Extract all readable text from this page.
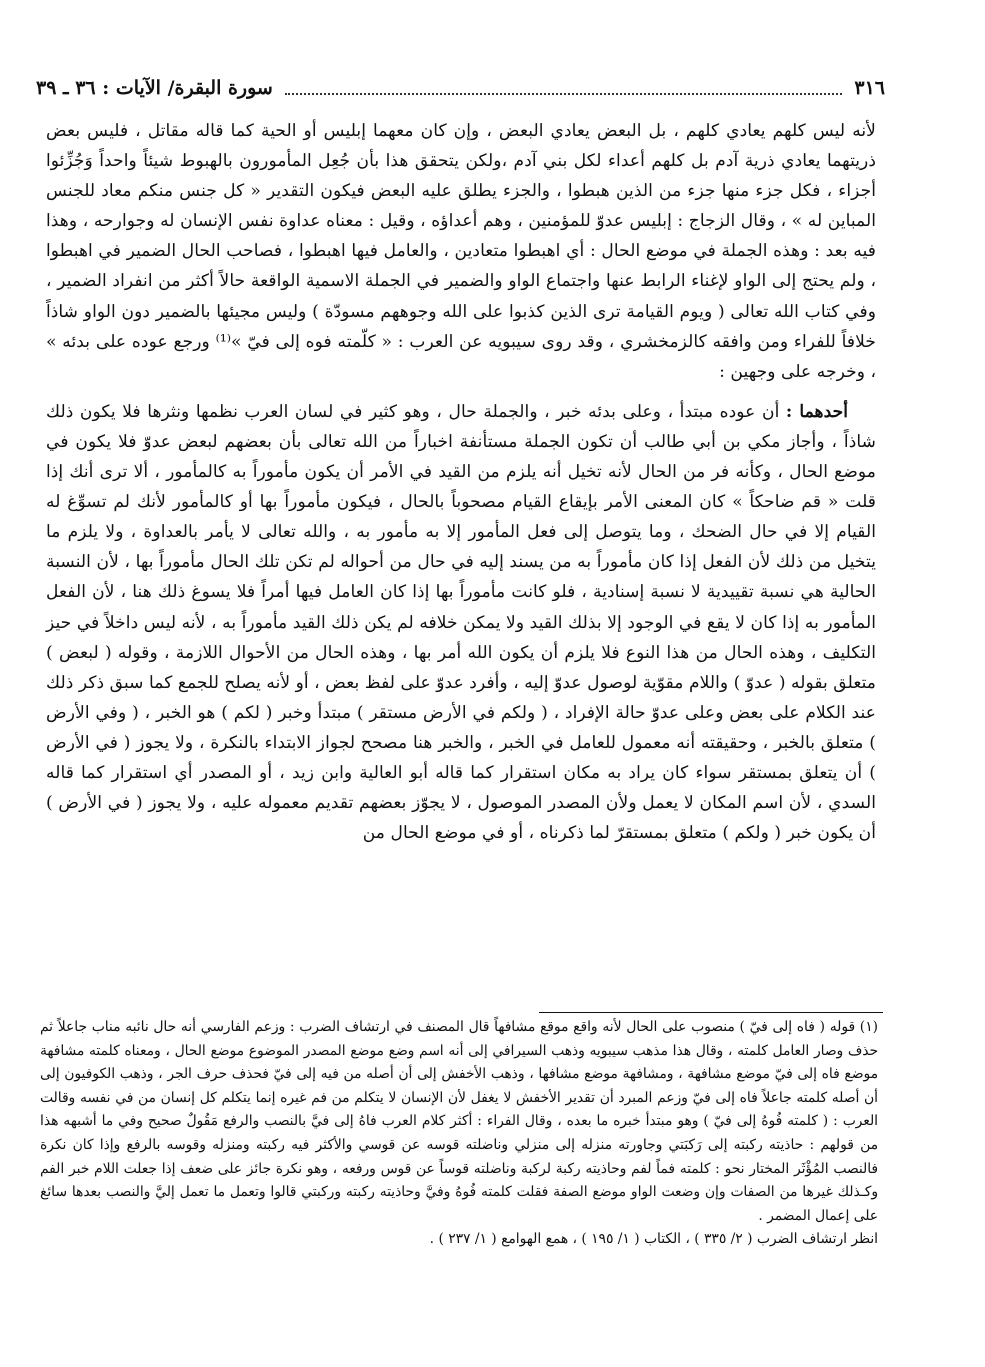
٣١٦
سورة البقرة/ الآيات : ٣٦ ـ ٣٩

لأنه ليس كلهم يعادي كلهم ، بل البعض يعادي البعض ، وإن كان معهما إبليس أو الحية كما قاله مقاتل ، فليس بعض ذريتهما يعادي ذرية آدم بل كلهم أعداء لكل بني آدم ،ولكن يتحقق هذا بأن جُعِل المأمورون بالهبوط شيئاً واحداً وَجُزِّئوا أجزاء ، فكل جزء منها جزء من الذين هبطوا ، والجزء يطلق عليه البعض فيكون التقدير « كل جنس منكم معاد للجنس المباين له » ، وقال الزجاج : إبليس عدوّ للمؤمنين ، وهم أعداؤه ، وقيل : معناه عداوة نفس الإنسان له وجوارحه ، وهذا فيه بعد : وهذه الجملة في موضع الحال : أي اهبطوا متعادين ، والعامل فيها اهبطوا ، فصاحب الحال الضمير في اهبطوا ، ولم يحتج إلى الواو لإغناء الرابط عنها واجتماع الواو والضمير في الجملة الاسمية الواقعة حالاً أكثر من انفراد الضمير ، وفي كتاب الله تعالى ( ويوم القيامة ترى الذين كذبوا على الله وجوههم مسودّة ) وليس مجيئها بالضمير دون الواو شاذاً خلافاً للفراء ومن وافقه كالزمخشري ، وقد روى سيبويه عن العرب : « كلّمته فوه إلى فيّ »⁽¹⁾ ورجع عوده على بدئه » ، وخرجه على وجهين :

أحدهما : أن عوده مبتدأ ، وعلى بدئه خبر ، والجملة حال ، وهو كثير في لسان العرب نظمها ونثرها فلا يكون ذلك شاذاً ، وأجاز مكي بن أبي طالب أن تكون الجملة مستأنفة اخباراً من الله تعالى بأن بعضهم لبعض عدوّ فلا يكون في موضع الحال ، وكأنه فر من الحال لأنه تخيل أنه يلزم من القيد في الأمر أن يكون مأموراً به كالمأمور ، ألا ترى أنك إذا قلت « قم ضاحكاً » كان المعنى الأمر بإيقاع القيام مصحوباً بالحال ، فيكون مأموراً بها أو كالمأمور لأنك لم تسوِّغ له القيام إلا في حال الضحك ، وما يتوصل إلى فعل المأمور إلا به مأمور به ، والله تعالى لا يأمر بالعداوة ، ولا يلزم ما يتخيل من ذلك لأن الفعل إذا كان مأموراً به من يسند إليه في حال من أحواله لم تكن تلك الحال مأموراً بها ، لأن النسبة الحالية هي نسبة تقييدية لا نسبة إسنادية ، فلو كانت مأموراً بها إذا كان العامل فيها أمراً فلا يسوغ ذلك هنا ، لأن الفعل المأمور به إذا كان لا يقع في الوجود إلا بذلك القيد ولا يمكن خلافه لم يكن ذلك القيد مأموراً به ، لأنه ليس داخلاً في حيز التكليف ، وهذه الحال من هذا النوع فلا يلزم أن يكون الله أمر بها ، وهذه الحال من الأحوال اللازمة ، وقوله ( لبعض ) متعلق بقوله ( عدوّ ) واللام مقوّية لوصول عدوّ إليه ، وأفرد عدوّ على لفظ بعض ، أو لأنه يصلح للجمع كما سبق ذكر ذلك عند الكلام على بعض وعلى عدوّ حالة الإفراد ، ( ولكم في الأرض مستقر ) مبتدأ وخبر ( لكم ) هو الخبر ، ( وفي الأرض ) متعلق بالخبر ، وحقيقته أنه معمول للعامل في الخبر ، والخبر هنا مصحح لجواز الابتداء بالنكرة ، ولا يجوز ( في الأرض ) أن يتعلق بمستقر سواء كان يراد به مكان استقرار كما قاله أبو العالية وابن زيد ، أو المصدر أي استقرار كما قاله السدي ، لأن اسم المكان لا يعمل ولأن المصدر الموصول ، لا يجوّز بعضهم تقديم معموله عليه ، ولا يجوز ( في الأرض ) أن يكون خبر ( ولكم ) متعلق بمستقرّ لما ذكرناه ، أو في موضع الحال من

(١) قوله ( فاه إلى فيّ ) منصوب على الحال لأنه واقع موقع مشافهاً قال المصنف في ارتشاف الضرب : وزعم الفارسي أنه حال نائبه مناب جاعلاً ثم حذف وصار العامل كلمته ، وقال هذا مذهب سيبويه وذهب السيرافي إلى أنه اسم وضع موضع المصدر الموضوع موضع الحال ، ومعناه كلمته مشافهة موضع فاه إلى فيّ موضع مشافهة ، ومشافهة موضع مشافها ، وذهب الأخفش إلى أن أصله من فيه إلى فيّ فحذف حرف الجر ، وذهب الكوفيون إلى أن أصله كلمته جاعلاً فاه إلى فيّ وزعم المبرد أن تقدير الأخفش لا يغفل لأن الإنسان لا يتكلم من فم غيره إنما يتكلم كل إنسان من في نفسه وقالت العرب : ( كلمته فُوهُ إلى فيّ ) وهو مبتدأ خبره ما بعده ، وقال الفراء : أكثر كلام العرب فاهُ إلى فيَّ بالنصب والرفع مَقُولٌ صحيح وفي ما أشبهه هذا من قولهم : حاذيته ركبته إلى رَكبَتي وجاورته منزله إلى منزلي وناضلته قوسه عن قوسي والأكثر فيه ركبته ومنزله وقوسه بالرفع وإذا كان نكرة فالنصب المُؤْثَر المختار نحو : كلمته فماً لفم وحاذيته ركبة لركبة وناضلته قوساً عن قوس ورفعه ، وهو نكرة جائز على ضعف إذا جعلت اللام خبر الفم وكـذلك غيرها من الصفات وإن وضعت الواو موضع الصفة فقلت كلمته فُوهُ وفيَّ وحاذيته ركبته وركبتي قالوا وتعمل ما تعمل إليَّ والنصب بعدها سائغ على إعمال المضمر .

انظر ارتشاف الضرب ( ٢/ ٣٣٥ ) ، الكتاب ( ١/ ١٩٥ ) ، همع الهوامع ( ١/ ٢٣٧ ) .
